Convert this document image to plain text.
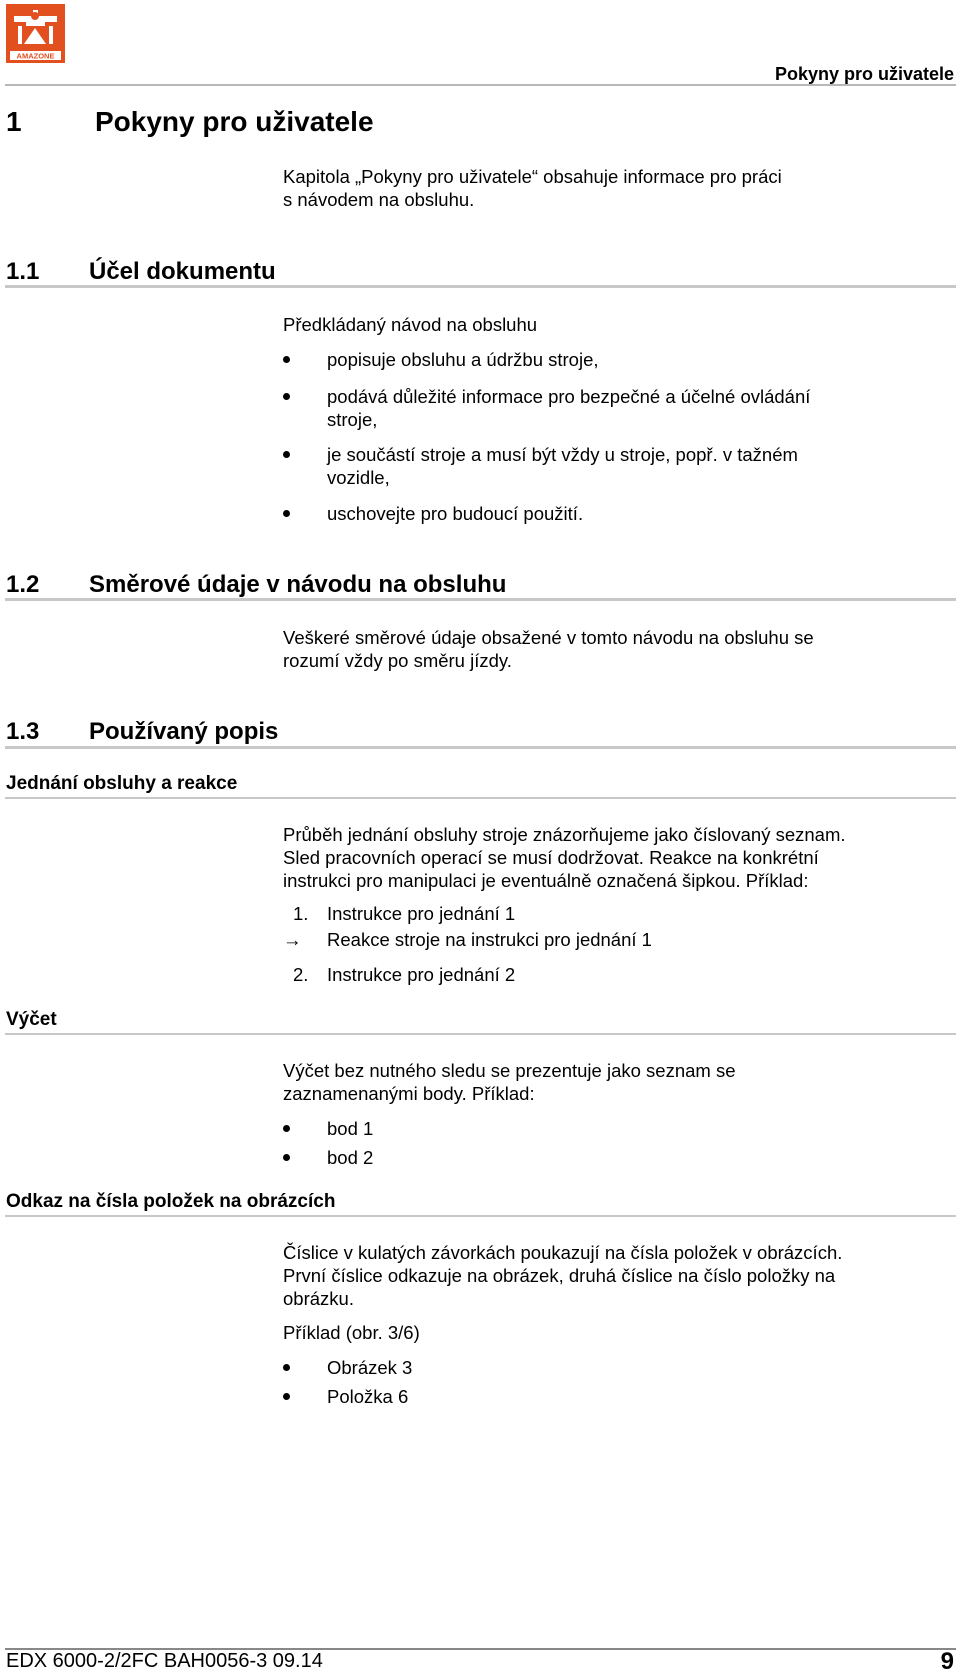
AMAZONE
Pokyny pro uživatele
1	Pokyny pro uživatele
Kapitola „Pokyny pro uživatele“ obsahuje informace pro práci
s návodem na obsluhu.
1.1 Účel dokumentu
Předkládaný návod na obsluhu
popisuje obsluhu a údržbu stroje,
podává důležité informace pro bezpečné a účelné ovládání
stroje,
je součástí stroje a musí být vždy u stroje, popř. v tažném
vozidle,
uschovejte pro budoucí použití.
1.2 Směrové údaje v návodu na obsluhu
Veškeré směrové údaje obsažené v tomto návodu na obsluhu se
rozumí vždy po směru jízdy.
1.3 Používaný popis
Jednání obsluhy a reakce
Průběh jednání obsluhy stroje znázorňujeme jako číslovaný seznam.
Sled pracovních operací se musí dodržovat. Reakce na konkrétní
instrukci pro manipulaci je eventuálně označená šipkou. Příklad:
1. Instrukce pro jednání 1
→ Reakce stroje na instrukci pro jednání 1
2. Instrukce pro jednání 2
Výčet
Výčet bez nutného sledu se prezentuje jako seznam se
zaznamenanými body. Příklad:
bod 1
bod 2
Odkaz na čísla položek na obrázcích
Číslice v kulatých závorkách poukazují na čísla položek v obrázcích.
První číslice odkazuje na obrázek, druhá číslice na číslo položky na
obrázku.
Příklad (obr. 3/6)
Obrázek 3
Položka 6
EDX 6000-2/2FC BAH0056-3 09.14	9
